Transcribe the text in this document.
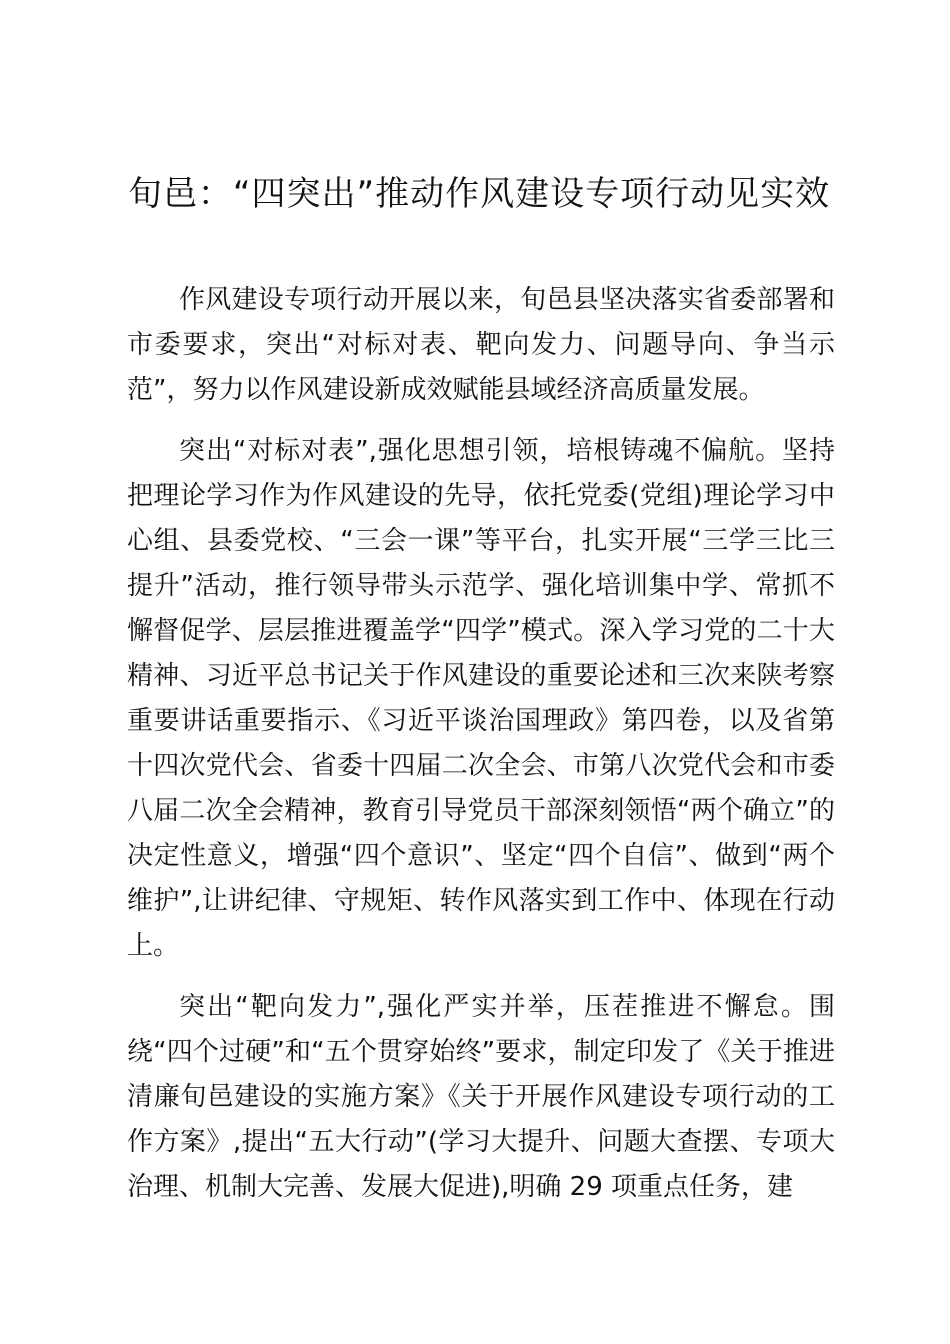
旬邑：“四突出”推动作风建设专项行动见实效

作风建设专项行动开展以来，旬邑县坚决落实省委部署和市委要求，突出“对标对表、靶向发力、问题导向、争当示范”，努力以作风建设新成效赋能县域经济高质量发展。

突出“对标对表”,强化思想引领，培根铸魂不偏航。坚持把理论学习作为作风建设的先导，依托党委(党组)理论学习中心组、县委党校、“三会一课”等平台，扎实开展“三学三比三提升”活动，推行领导带头示范学、强化培训集中学、常抓不懈督促学、层层推进覆盖学“四学”模式。深入学习党的二十大精神、习近平总书记关于作风建设的重要论述和三次来陕考察重要讲话重要指示、《习近平谈治国理政》第四卷，以及省第十四次党代会、省委十四届二次全会、市第八次党代会和市委八届二次全会精神，教育引导党员干部深刻领悟“两个确立”的决定性意义，增强“四个意识”、坚定“四个自信”、做到“两个维护”,让讲纪律、守规矩、转作风落实到工作中、体现在行动上。

突出“靶向发力”,强化严实并举，压茬推进不懈怠。围绕“四个过硬”和“五个贯穿始终”要求，制定印发了《关于推进清廉旬邑建设的实施方案》《关于开展作风建设专项行动的工作方案》,提出“五大行动”(学习大提升、问题大查摆、专项大治理、机制大完善、发展大促进),明确 29 项重点任务，建
